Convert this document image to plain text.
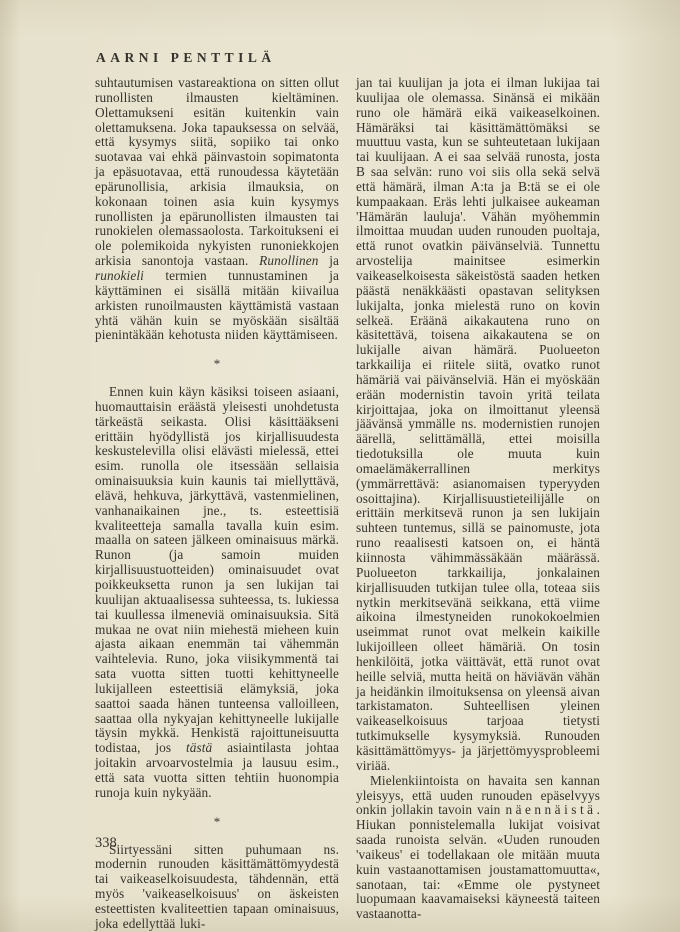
AARNI PENTTILÄ

suhtautumisen vastareaktiona on sitten ollut runollisten ilmausten kieltäminen. Olettamukseni esitän kuitenkin vain olettamuksena. Joka tapauksessa on selvää, että kysymys siitä, sopiiko tai onko suotavaa vai ehkä päinvastoin sopimatonta ja epäsuotavaa, että runoudessa käytetään epärunollisia, arkisia ilmauksia, on kokonaan toinen asia kuin kysymys runollisten ja epärunollisten ilmausten tai runokielen olemassaolosta. Tarkoitukseni ei ole polemikoida nykyisten runoniekkojen arkisia sanontoja vastaan. Runollinen ja runokieli termien tunnustaminen ja käyttäminen ei sisällä mitään kiivailua arkisten runoilmausten käyttämistä vastaan yhtä vähän kuin se myöskään sisältää pienintäkään kehotusta niiden käyttämiseen.

*

Ennen kuin käyn käsiksi toiseen asiaani, huomauttaisin eräästä yleisesti unohdetusta tärkeästä seikasta. Olisi käsittääkseni erittäin hyödyllistä jos kirjallisuudesta keskustelevilla olisi elävästi mielessä, ettei esim. runolla ole itsessään sellaisia ominaisuuksia kuin kaunis tai miellyttävä, elävä, hehkuva, järkyttävä, vastenmielinen, vanhanaikainen jne., ts. esteettisiä kvaliteetteja samalla tavalla kuin esim. maalla on sateen jälkeen ominaisuus märkä. Runon (ja samoin muiden kirjallisuustuotteiden) ominaisuudet ovat poikkeuksetta runon ja sen lukijan tai kuulijan aktuaalisessa suhteessa, ts. lukiessa tai kuullessa ilmeneviä ominaisuuksia. Sitä mukaa ne ovat niin miehestä mieheen kuin ajasta aikaan enemmän tai vähemmän vaihtelevia. Runo, joka viisikymmentä tai sata vuotta sitten tuotti kehittyneelle lukijalleen esteettisiä elämyksiä, joka saattoi saada hänen tunteensa valloilleen, saattaa olla nykyajan kehittyneelle lukijalle täysin mykkä. Henkistä rajoittuneisuutta todistaa, jos tästä asiaintilasta johtaa joitakin arvoarvostelmia ja lausuu esim., että sata vuotta sitten tehtiin huonompia runoja kuin nykyään.

*

Siirtyessäni sitten puhumaan ns. modernin runouden käsittämättömyydestä tai vaikeaselkoisuudesta, tähdennän, että myös 'vaikeaselkoisuus' on äskeisten esteettisten kvaliteettien tapaan ominaisuus, joka edellyttää luki-

jan tai kuulijan ja jota ei ilman lukijaa tai kuulijaa ole olemassa. Sinänsä ei mikään runo ole hämärä eikä vaikeaselkoinen. Hämäräksi tai käsittämättömäksi se muuttuu vasta, kun se suhteutetaan lukijaan tai kuulijaan. A ei saa selvää runosta, josta B saa selvän: runo voi siis olla sekä selvä että hämärä, ilman A:ta ja B:tä se ei ole kumpaakaan. Eräs lehti julkaisee aukeaman 'Hämärän lauluja'. Vähän myöhemmin ilmoittaa muudan uuden runouden puoltaja, että runot ovatkin päivänselviä. Tunnettu arvostelija mainitsee esimerkin vaikeaselkoisesta säkeistöstä saaden hetken päästä nenäkkäästi opastavan selityksen lukijalta, jonka mielestä runo on kovin selkeä. Eräänä aikakautena runo on käsitettävä, toisena aikakautena se on lukijalle aivan hämärä. Puolueeton tarkkailija ei riitele siitä, ovatko runot hämäriä vai päivänselviä. Hän ei myöskään erään modernistin tavoin yritä teilata kirjoittajaa, joka on ilmoittanut yleensä jäävänsä ymmälle ns. modernistien runojen äärellä, selittämällä, ettei moisilla tiedotuksilla ole muuta kuin omaelämäkerrallinen merkitys (ymmärrettävä: asianomaisen typeryyden osoittajina). Kirjallisuustieteilijälle on erittäin merkitsevä runon ja sen lukijain suhteen tuntemus, sillä se painomuste, jota runo reaalisesti katsoen on, ei häntä kiinnosta vähimmässäkään määrässä. Puolueeton tarkkailija, jonkalainen kirjallisuuden tutkijan tulee olla, toteaa siis nytkin merkitsevänä seikkana, että viime aikoina ilmestyneiden runokokoelmien useimmat runot ovat melkein kaikille lukijoilleen olleet hämäriä. On tosin henkilöitä, jotka väittävät, että runot ovat heille selviä, mutta heitä on häviävän vähän ja heidänkin ilmoituksensa on yleensä aivan tarkistamaton. Suhteellisen yleinen vaikeaselkoisuus tarjoaa tietysti tutkimukselle kysymyksiä. Runouden käsittämättömyys- ja järjettömyysprobleemi viriää.

Mielenkiintoista on havaita sen kannan yleisyys, että uuden runouden epäselvyys onkin jollakin tavoin vain näennäistä. Hiukan ponnistelemalla lukijat voisivat saada runoista selvän. «Uuden runouden 'vaikeus' ei todellakaan ole mitään muuta kuin vastaanottamisen joustamattomuutta«, sanotaan, tai: «Emme ole pystyneet luopumaan kaavamaiseksi käyneestä taiteen vastaanotta-

338
